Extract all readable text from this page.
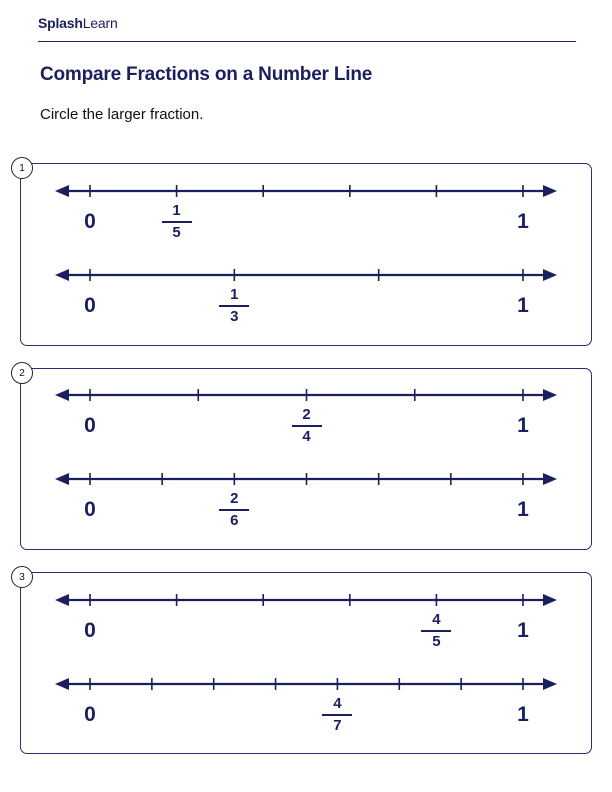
SplashLearn
Compare Fractions on a Number Line
Circle the larger fraction.
1
2
3
0	1
1
5
0	1
1
3
0	1
2
4
0	1
2
6
0	1
4
5
0	1
4
7
